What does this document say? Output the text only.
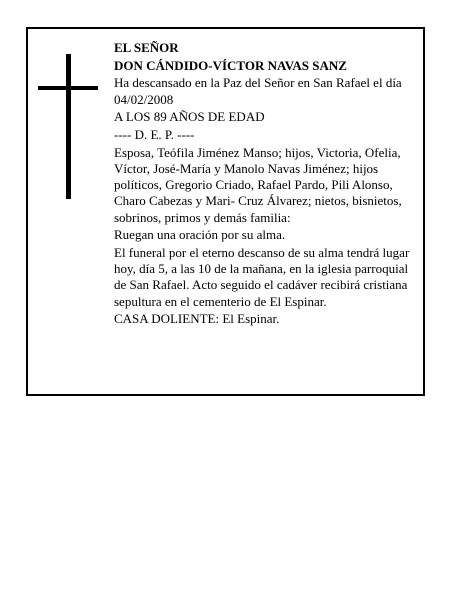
EL SEÑOR

DON CÁNDIDO-VÍCTOR NAVAS SANZ

Ha descansado en la Paz del Señor en San Rafael el día 04/02/2008

A LOS 89 AÑOS DE EDAD

---- D. E. P. ----

Esposa, Teófila Jiménez Manso; hijos, Victoria, Ofelia, Víctor, José-María y Manolo Navas Jiménez; hijos políticos, Gregorio Criado, Rafael Pardo, Pili Alonso, Charo Cabezas y Mari- Cruz Álvarez; nietos, bisnietos, sobrinos, primos y demás familia:

Ruegan una oración por su alma.

El funeral por el eterno descanso de su alma tendrá lugar hoy, día 5, a las 10 de la mañana, en la iglesia parroquial de San Rafael. Acto seguido el cadáver recibirá cristiana sepultura en el cementerio de El Espinar.

CASA DOLIENTE: El Espinar.
